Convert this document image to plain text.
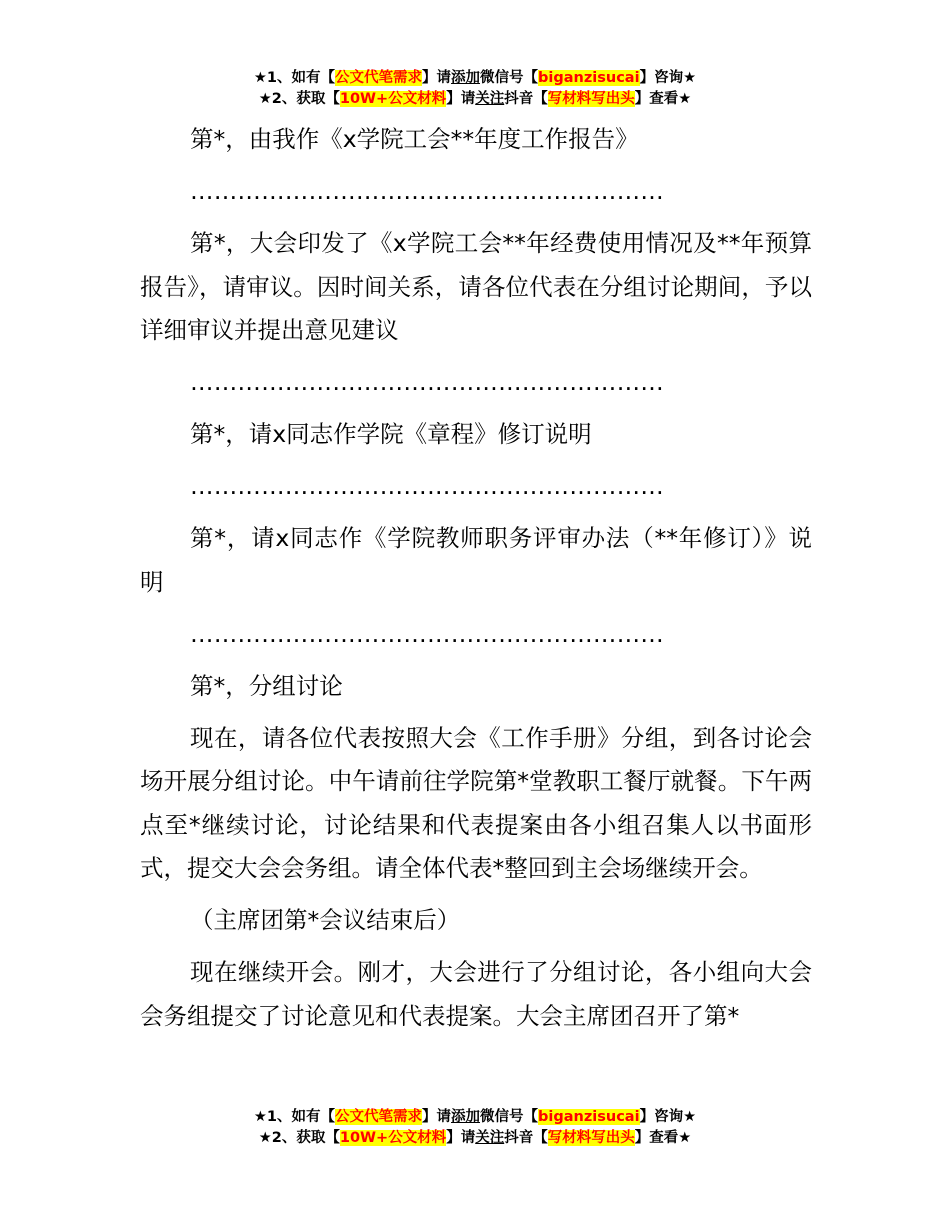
★1、如有【公文代笔需求】请添加微信号【biganzisucai】咨询★
★2、获取【10W+公文材料】请关注抖音【写材料写出头】查看★

第*，由我作《x学院工会**年度工作报告》

……………………………………………………

第*，大会印发了《x学院工会**年经费使用情况及**年预算报告》，请审议。因时间关系，请各位代表在分组讨论期间，予以详细审议并提出意见建议

……………………………………………………

第*，请x同志作学院《章程》修订说明

……………………………………………………

第*，请x同志作《学院教师职务评审办法（**年修订）》说明

……………………………………………………

第*，分组讨论

现在，请各位代表按照大会《工作手册》分组，到各讨论会场开展分组讨论。中午请前往学院第*堂教职工餐厅就餐。下午两点至*继续讨论，讨论结果和代表提案由各小组召集人以书面形式，提交大会会务组。请全体代表*整回到主会场继续开会。

（主席团第*会议结束后）

现在继续开会。刚才，大会进行了分组讨论，各小组向大会会务组提交了讨论意见和代表提案。大会主席团召开了第*

★1、如有【公文代笔需求】请添加微信号【biganzisucai】咨询★
★2、获取【10W+公文材料】请关注抖音【写材料写出头】查看★
